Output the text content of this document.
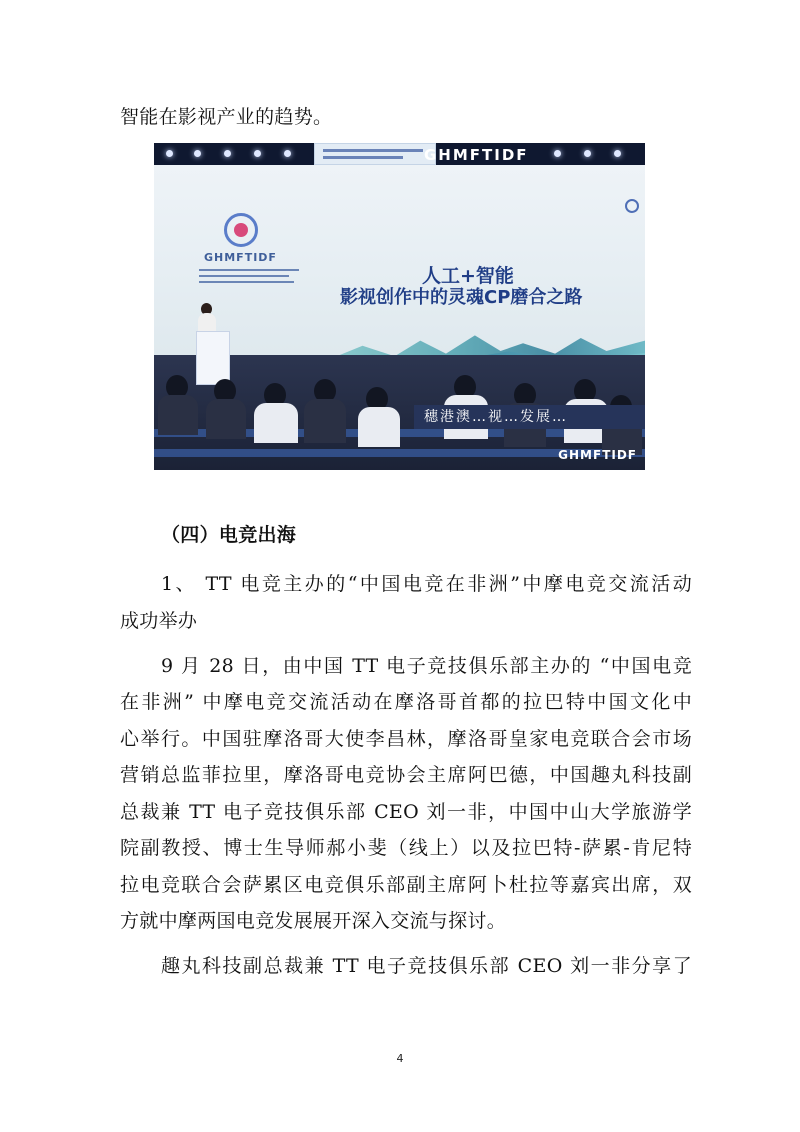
智能在影视产业的趋势。
GHMFTIDF
GHMFTIDF
人工+智能
影视创作中的灵魂CP磨合之路
穗港澳…视…发展…
GHMFTIDF
（四）电竞出海
1、 TT 电竞主办的“中国电竞在非洲”中摩电竞交流活动
成功举办
9 月 28 日，由中国 TT 电子竞技俱乐部主办的 “中国电竞
在非洲” 中摩电竞交流活动在摩洛哥首都的拉巴特中国文化中
心举行。中国驻摩洛哥大使李昌林，摩洛哥皇家电竞联合会市场
营销总监菲拉里，摩洛哥电竞协会主席阿巴德，中国趣丸科技副
总裁兼 TT 电子竞技俱乐部 CEO 刘一非，中国中山大学旅游学
院副教授、博士生导师郝小斐（线上）以及拉巴特-萨累-肯尼特
拉电竞联合会萨累区电竞俱乐部副主席阿卜杜拉等嘉宾出席，双
方就中摩两国电竞发展展开深入交流与探讨。
趣丸科技副总裁兼 TT 电子竞技俱乐部 CEO 刘一非分享了
4
